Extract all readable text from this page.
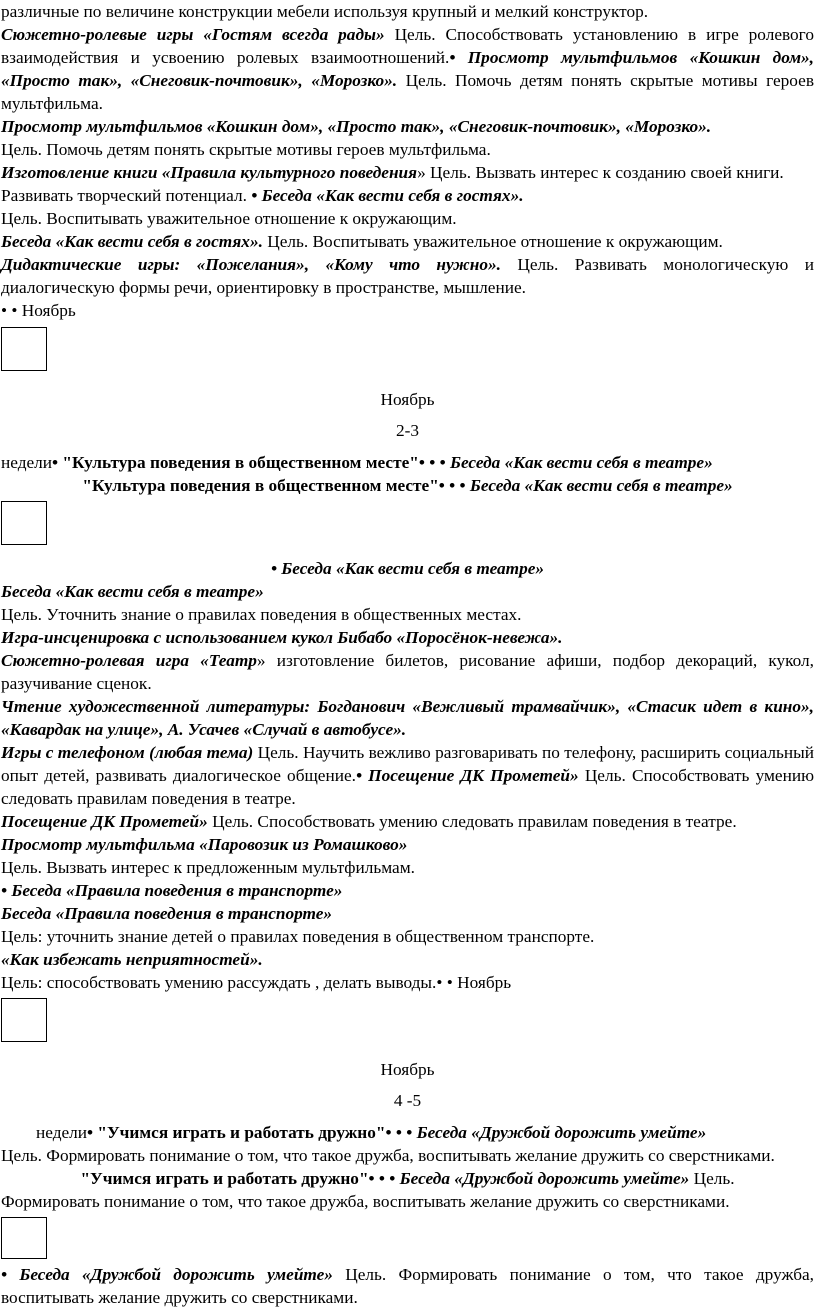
различные по величине конструкции мебели используя крупный и мелкий конструктор.

Сюжетно-ролевые игры «Гостям всегда рады» Цель. Способствовать установлению в игре ролевого взаимодействия и усвоению ролевых взаимоотношений.• Просмотр мультфильмов «Кошкин дом», «Просто так», «Снеговик-почтовик», «Морозко». Цель. Помочь детям понять скрытые мотивы героев мультфильма.

Просмотр мультфильмов «Кошкин дом», «Просто так», «Снеговик-почтовик», «Морозко».
Цель. Помочь детям понять скрытые мотивы героев мультфильма.

Изготовление книги «Правила культурного поведения» Цель. Вызвать интерес к созданию своей книги. Развивать творческий потенциал. • Беседа «Как вести себя в гостях».

Цель. Воспитывать уважительное отношение к окружающим.

Беседа «Как вести себя в гостях». Цель. Воспитывать уважительное отношение к окружающим.

Дидактические игры: «Пожелания», «Кому что нужно». Цель. Развивать монологическую и диалогическую формы речи, ориентировку в пространстве, мышление.

• • Ноябрь

Ноябрь

2-3

недели• "Культура поведения в общественном месте"• • • Беседа «Как вести себя в театре»

"Культура поведения в общественном месте"• • • Беседа «Как вести себя в театре»

• Беседа «Как вести себя в театре»

Беседа «Как вести себя в театре»

Цель. Уточнить знание о правилах поведения в общественных местах.

Игра-инсценировка с использованием кукол Бибабо «Поросёнок-невежа».

Сюжетно-ролевая игра «Театр» изготовление билетов, рисование афиши, подбор декораций, кукол, разучивание сценок.

Чтение художественной литературы: Богданович «Вежливый трамвайчик», «Стасик идет в кино», «Кавардак на улице», А. Усачев «Случай в автобусе».

Игры с телефоном (любая тема) Цель. Научить вежливо разговаривать по телефону, расширить социальный опыт детей, развивать диалогическое общение.• Посещение ДК Прометей» Цель. Способствовать умению следовать правилам поведения в театре.

Посещение ДК Прометей» Цель. Способствовать умению следовать правилам поведения в театре.

Просмотр мультфильма «Паровозик из Ромашково»

Цель. Вызвать интерес к предложенным мультфильмам.

• Беседа «Правила поведения в транспорте»

Беседа «Правила поведения в транспорте»

Цель: уточнить знание детей о правилах поведения в общественном транспорте.

«Как избежать неприятностей».

Цель: способствовать умению рассуждать , делать выводы.• • Ноябрь

Ноябрь

4 -5

недели• "Учимся играть и работать дружно"• • • Беседа «Дружбой дорожить умейте»

Цель. Формировать понимание о том, что такое дружба, воспитывать желание дружить со сверстниками.

"Учимся играть и работать дружно"• • • Беседа «Дружбой дорожить умейте» Цель.

Формировать понимание о том, что такое дружба, воспитывать желание дружить со сверстниками.

• Беседа «Дружбой дорожить умейте» Цель. Формировать понимание о том, что такое дружба, воспитывать желание дружить со сверстниками.
